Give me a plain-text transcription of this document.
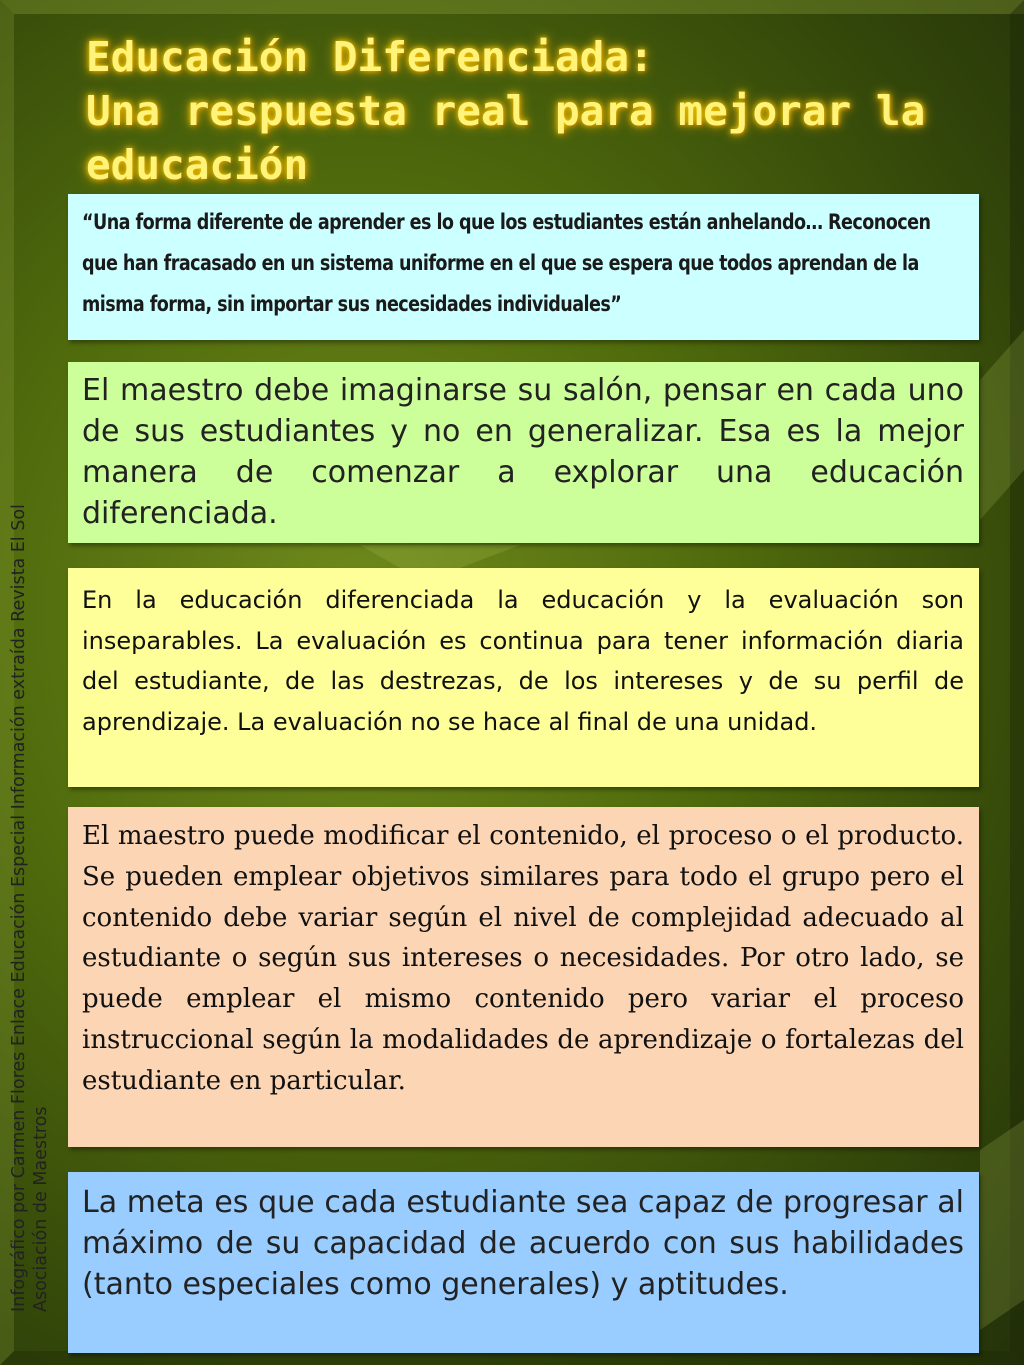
Educación Diferenciada:
Una respuesta real para mejorar la
educación
Infográfico por Carmen Flores Enlace Educación Especial Información extraída Revista El Sol Asociación de Maestros

“Una forma diferente de aprender es lo que los estudiantes están anhelando… Reconocen que han fracasado en un sistema uniforme en el que se espera que todos aprendan de la misma forma, sin importar sus necesidades individuales”

El maestro debe imaginarse su salón, pensar en cada uno de sus estudiantes y no en generalizar. Esa es la mejor manera de comenzar a explorar una educación diferenciada.

En la educación diferenciada la educación y la evaluación son inseparables. La evaluación es continua para tener información diaria del estudiante, de las destrezas, de los intereses y de su perfil de aprendizaje. La evaluación no se hace al final de una unidad.

El maestro puede modificar el contenido, el proceso o el producto. Se pueden emplear objetivos similares para todo el grupo pero el contenido debe variar según el nivel de complejidad adecuado al estudiante o según sus intereses o necesidades. Por otro lado, se puede emplear el mismo contenido pero variar el proceso instruccional según la modalidades de aprendizaje o fortalezas del estudiante en particular.

La meta es que cada estudiante sea capaz de progresar al máximo de su capacidad de acuerdo con sus habilidades (tanto especiales como generales) y aptitudes.
